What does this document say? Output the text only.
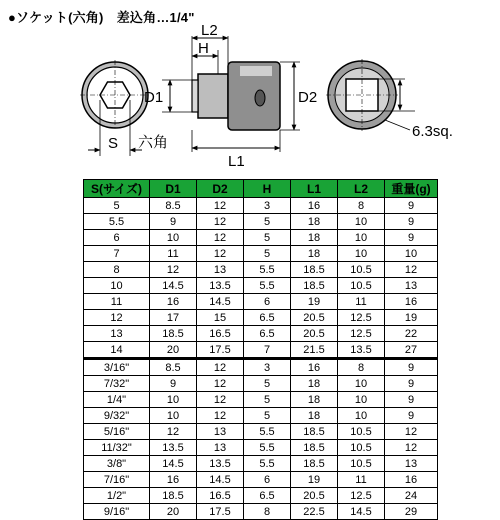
●ソケット(六角)　差込角…1/4"
S 六角
L2
H
D1	D2
L1
6.3sq.
S(サイズ)	D1	D2	H	L1	L2	重量(g)
5	8.5	12	3	16	8	9
5.5	9	12	5	18	10	9
6	10	12	5	18	10	9
7	11	12	5	18	10	10
8	12	13	5.5	18.5	10.5	12
10	14.5	13.5	5.5	18.5	10.5	13
11	16	14.5	6	19	11	16
12	17	15	6.5	20.5	12.5	19
13	18.5	16.5	6.5	20.5	12.5	22
14	20	17.5	7	21.5	13.5	27
3/16"	8.5	12	3	16	8	9
7/32"	9	12	5	18	10	9
1/4"	10	12	5	18	10	9
9/32"	10	12	5	18	10	9
5/16"	12	13	5.5	18.5	10.5	12
11/32"	13.5	13	5.5	18.5	10.5	12
3/8"	14.5	13.5	5.5	18.5	10.5	13
7/16"	16	14.5	6	19	11	16
1/2"	18.5	16.5	6.5	20.5	12.5	24
9/16"	20	17.5	8	22.5	14.5	29
